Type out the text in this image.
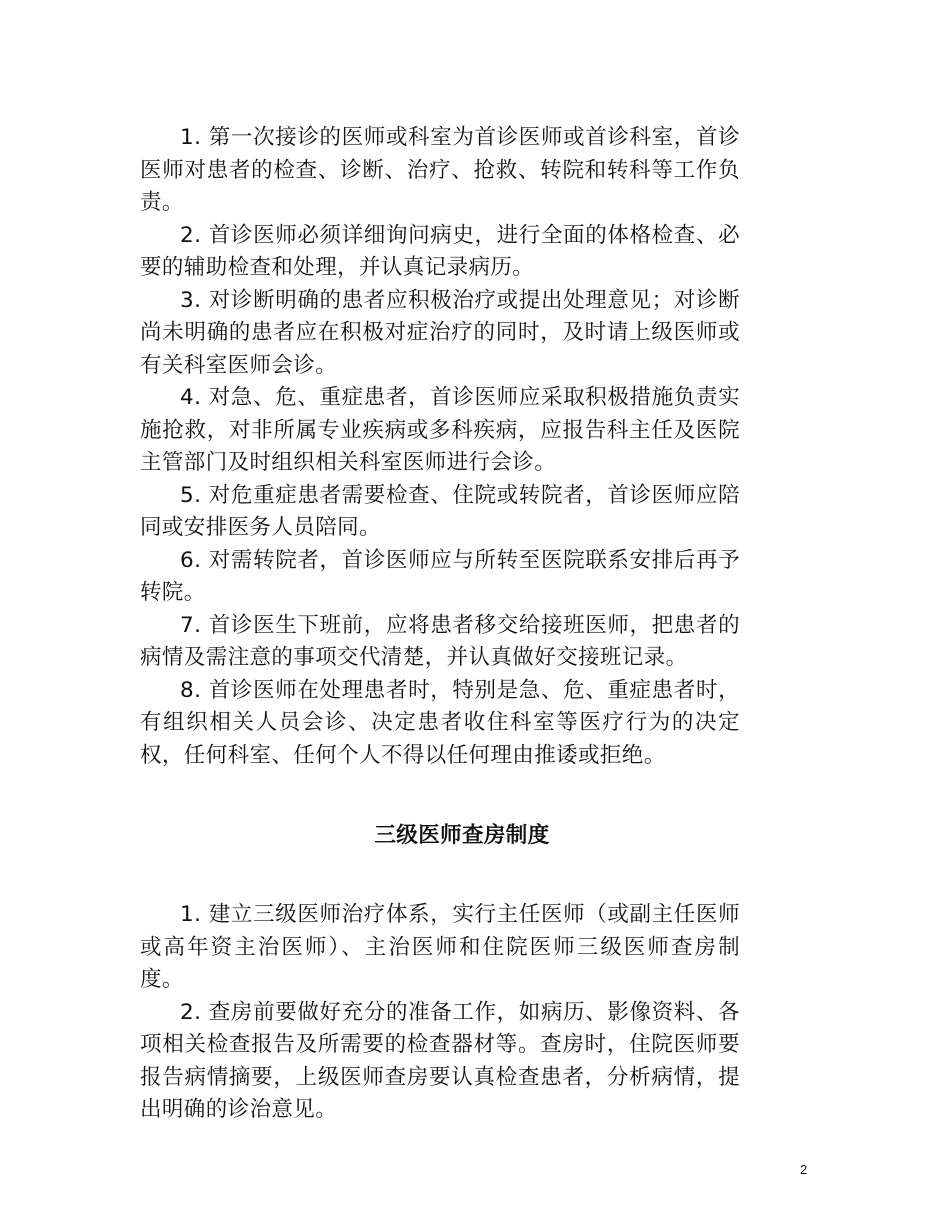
1. 第一次接诊的医师或科室为首诊医师或首诊科室，首诊医师对患者的检查、诊断、治疗、抢救、转院和转科等工作负责。

2. 首诊医师必须详细询问病史，进行全面的体格检查、必要的辅助检查和处理，并认真记录病历。

3. 对诊断明确的患者应积极治疗或提出处理意见；对诊断尚未明确的患者应在积极对症治疗的同时，及时请上级医师或有关科室医师会诊。

4. 对急、危、重症患者，首诊医师应采取积极措施负责实施抢救，对非所属专业疾病或多科疾病，应报告科主任及医院主管部门及时组织相关科室医师进行会诊。

5. 对危重症患者需要检查、住院或转院者，首诊医师应陪同或安排医务人员陪同。

6. 对需转院者，首诊医师应与所转至医院联系安排后再予转院。

7. 首诊医生下班前，应将患者移交给接班医师，把患者的病情及需注意的事项交代清楚，并认真做好交接班记录。

8. 首诊医师在处理患者时，特别是急、危、重症患者时，有组织相关人员会诊、决定患者收住科室等医疗行为的决定权，任何科室、任何个人不得以任何理由推诿或拒绝。

三级医师查房制度

1. 建立三级医师治疗体系，实行主任医师（或副主任医师或高年资主治医师）、主治医师和住院医师三级医师查房制度。

2. 查房前要做好充分的准备工作，如病历、影像资料、各项相关检查报告及所需要的检查器材等。查房时，住院医师要报告病情摘要，上级医师查房要认真检查患者，分析病情，提出明确的诊治意见。

2
